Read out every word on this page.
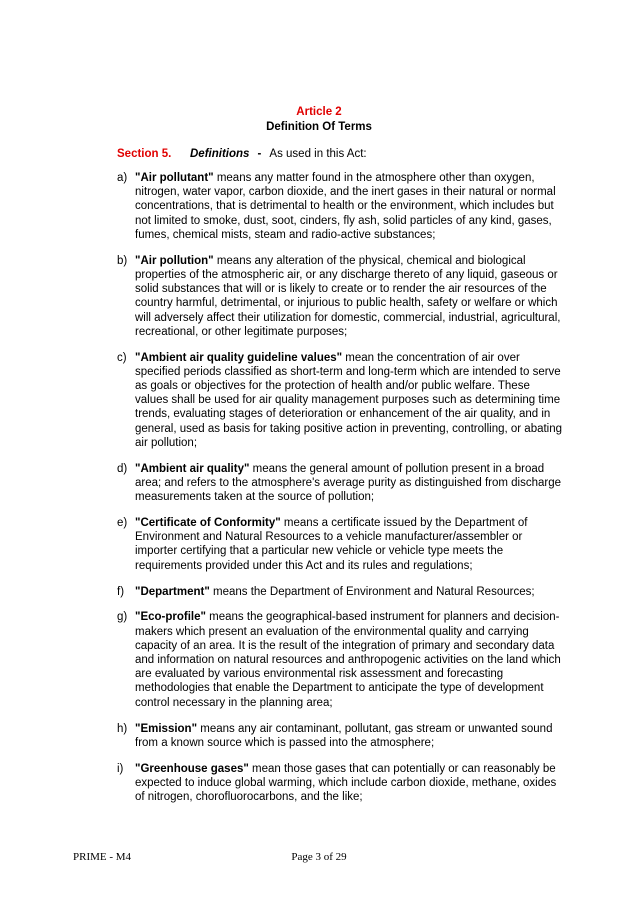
Article 2
Definition Of Terms
Section 5. Definitions - As used in this Act:
a) "Air pollutant" means any matter found in the atmosphere other than oxygen, nitrogen, water vapor, carbon dioxide, and the inert gases in their natural or normal concentrations, that is detrimental to health or the environment, which includes but not limited to smoke, dust, soot, cinders, fly ash, solid particles of any kind, gases, fumes, chemical mists, steam and radio-active substances;
b) "Air pollution" means any alteration of the physical, chemical and biological properties of the atmospheric air, or any discharge thereto of any liquid, gaseous or solid substances that will or is likely to create or to render the air resources of the country harmful, detrimental, or injurious to public health, safety or welfare or which will adversely affect their utilization for domestic, commercial, industrial, agricultural, recreational, or other legitimate purposes;
c) "Ambient air quality guideline values" mean the concentration of air over specified periods classified as short-term and long-term which are intended to serve as goals or objectives for the protection of health and/or public welfare. These values shall be used for air quality management purposes such as determining time trends, evaluating stages of deterioration or enhancement of the air quality, and in general, used as basis for taking positive action in preventing, controlling, or abating air pollution;
d) "Ambient air quality" means the general amount of pollution present in a broad area; and refers to the atmosphere's average purity as distinguished from discharge measurements taken at the source of pollution;
e) "Certificate of Conformity" means a certificate issued by the Department of Environment and Natural Resources to a vehicle manufacturer/assembler or importer certifying that a particular new vehicle or vehicle type meets the requirements provided under this Act and its rules and regulations;
f) "Department" means the Department of Environment and Natural Resources;
g) "Eco-profile" means the geographical-based instrument for planners and decision-makers which present an evaluation of the environmental quality and carrying capacity of an area. It is the result of the integration of primary and secondary data and information on natural resources and anthropogenic activities on the land which are evaluated by various environmental risk assessment and forecasting methodologies that enable the Department to anticipate the type of development control necessary in the planning area;
h) "Emission" means any air contaminant, pollutant, gas stream or unwanted sound from a known source which is passed into the atmosphere;
i) "Greenhouse gases" mean those gases that can potentially or can reasonably be expected to induce global warming, which include carbon dioxide, methane, oxides of nitrogen, chorofluorocarbons, and the like;
PRIME - M4	Page 3 of 29
